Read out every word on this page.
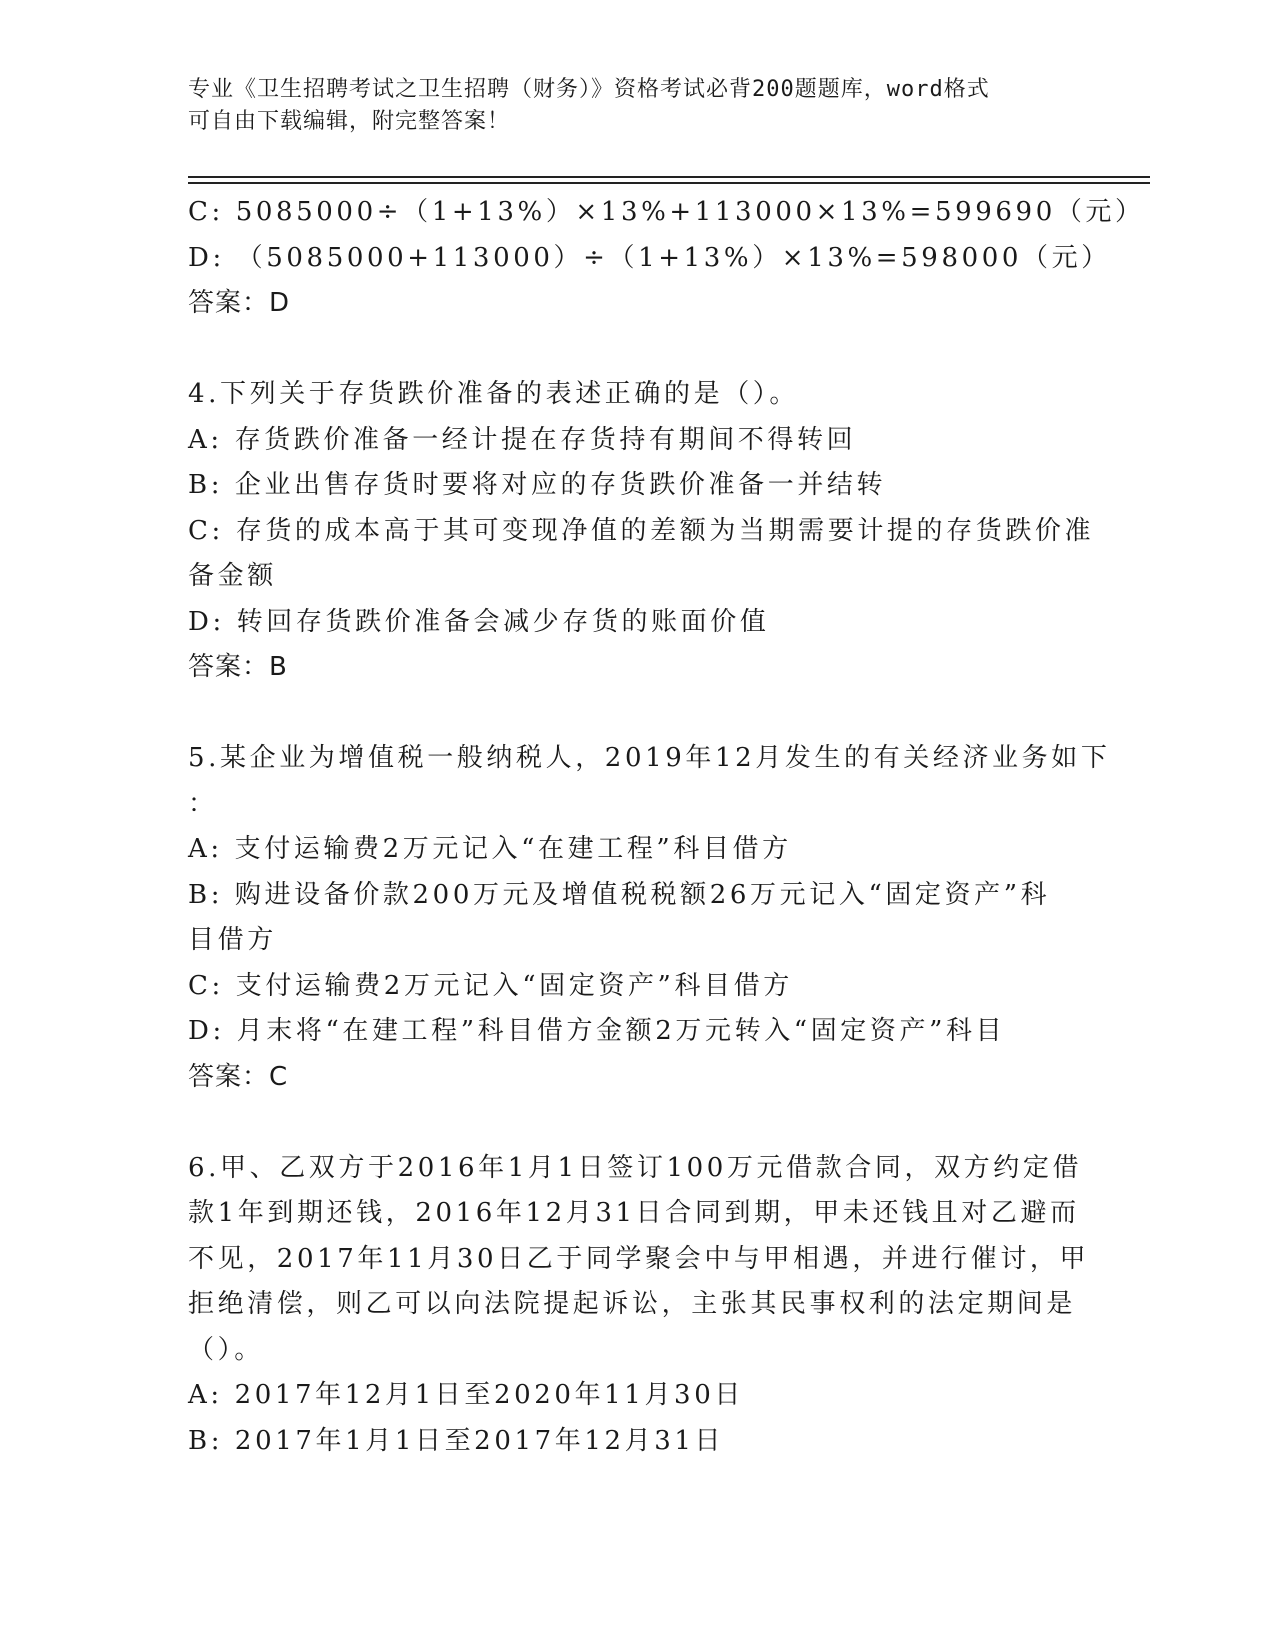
专业《卫生招聘考试之卫生招聘（财务）》资格考试必背200题题库，word格式
可自由下载编辑，附完整答案！
C: 5085000÷（1+13%）×13%+113000×13%=599690（元）
D: （5085000+113000）÷（1+13%）×13%=598000（元）
答案：D
4.下列关于存货跌价准备的表述正确的是（）。
A: 存货跌价准备一经计提在存货持有期间不得转回
B: 企业出售存货时要将对应的存货跌价准备一并结转
C: 存货的成本高于其可变现净值的差额为当期需要计提的存货跌价准
备金额
D: 转回存货跌价准备会减少存货的账面价值
答案：B
5.某企业为增值税一般纳税人，2019年12月发生的有关经济业务如下
：
A: 支付运输费2万元记入“在建工程”科目借方
B: 购进设备价款200万元及增值税税额26万元记入“固定资产”科
目借方
C: 支付运输费2万元记入“固定资产”科目借方
D: 月末将“在建工程”科目借方金额2万元转入“固定资产”科目
答案：C
6.甲、乙双方于2016年1月1日签订100万元借款合同，双方约定借
款1年到期还钱，2016年12月31日合同到期，甲未还钱且对乙避而
不见，2017年11月30日乙于同学聚会中与甲相遇，并进行催讨，甲
拒绝清偿，则乙可以向法院提起诉讼，主张其民事权利的法定期间是
（）。
A: 2017年12月1日至2020年11月30日
B: 2017年1月1日至2017年12月31日
